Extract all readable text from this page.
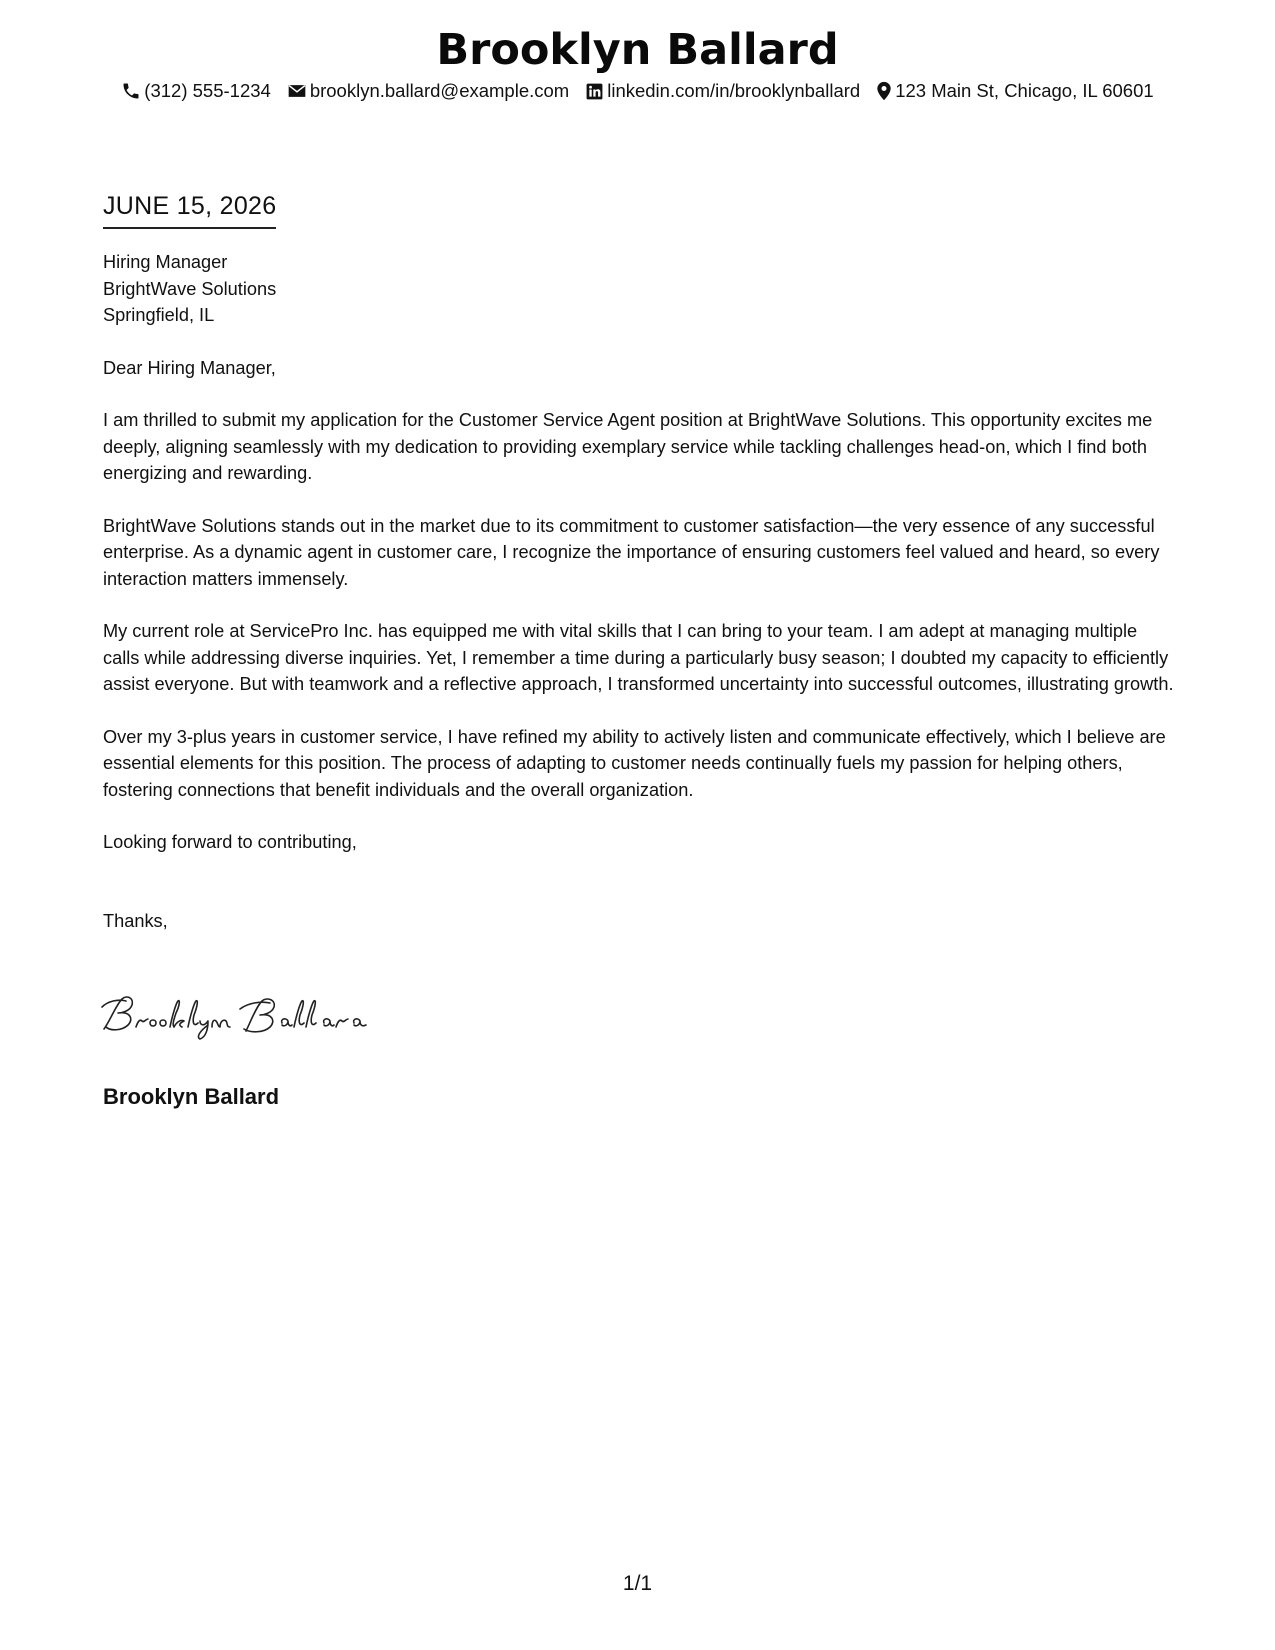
Brooklyn Ballard
(312) 555-1234 brooklyn.ballard@example.com linkedin.com/in/brooklynballard 123 Main St, Chicago, IL 60601
JUNE 15, 2026
Hiring Manager
BrightWave Solutions
Springfield, IL
Dear Hiring Manager,

I am thrilled to submit my application for the Customer Service Agent position at BrightWave Solutions. This opportunity excites me deeply, aligning seamlessly with my dedication to providing exemplary service while tackling challenges head-on, which I find both energizing and rewarding.

BrightWave Solutions stands out in the market due to its commitment to customer satisfaction—the very essence of any successful enterprise. As a dynamic agent in customer care, I recognize the importance of ensuring customers feel valued and heard, so every interaction matters immensely.

My current role at ServicePro Inc. has equipped me with vital skills that I can bring to your team. I am adept at managing multiple calls while addressing diverse inquiries. Yet, I remember a time during a particularly busy season; I doubted my capacity to efficiently assist everyone. But with teamwork and a reflective approach, I transformed uncertainty into successful outcomes, illustrating growth.

Over my 3-plus years in customer service, I have refined my ability to actively listen and communicate effectively, which I believe are essential elements for this position. The process of adapting to customer needs continually fuels my passion for helping others, fostering connections that benefit individuals and the overall organization.

Looking forward to contributing,
Thanks,
Brooklyn Ballard
1/1
